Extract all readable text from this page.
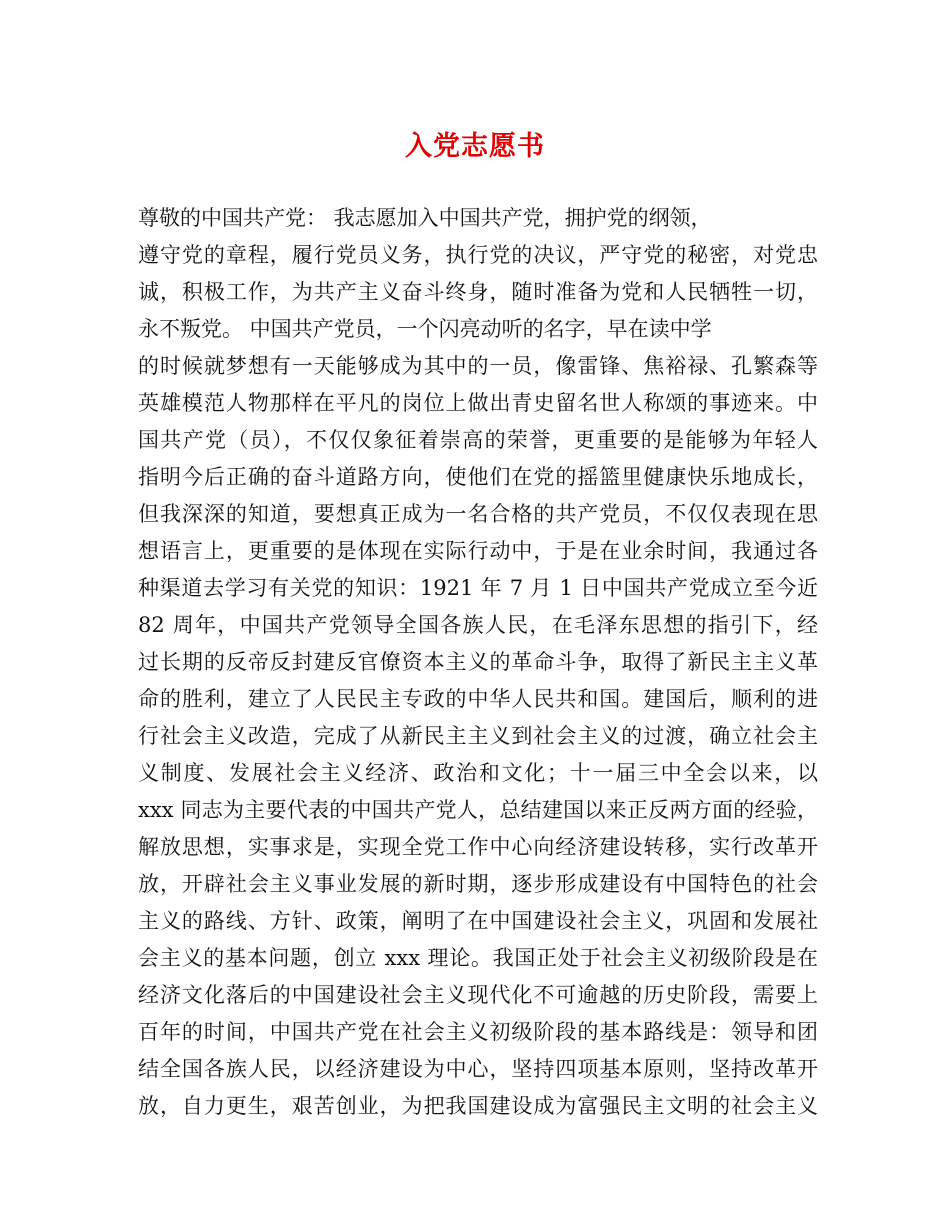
入党志愿书
尊敬的中国共产党： 我志愿加入中国共产党，拥护党的纲领，
遵守党的章程，履行党员义务，执行党的决议，严守党的秘密，对党忠
诚，积极工作，为共产主义奋斗终身，随时准备为党和人民牺牲一切，
永不叛党。 中国共产党员，一个闪亮动听的名字，早在读中学
的时候就梦想有一天能够成为其中的一员，像雷锋、焦裕禄、孔繁森等
英雄模范人物那样在平凡的岗位上做出青史留名世人称颂的事迹来。中
国共产党（员），不仅仅象征着崇高的荣誉，更重要的是能够为年轻人
指明今后正确的奋斗道路方向，使他们在党的摇篮里健康快乐地成长，
但我深深的知道，要想真正成为一名合格的共产党员，不仅仅表现在思
想语言上，更重要的是体现在实际行动中，于是在业余时间，我通过各
种渠道去学习有关党的知识：1921 年 7 月 1 日中国共产党成立至今近
82 周年，中国共产党领导全国各族人民，在毛泽东思想的指引下，经
过长期的反帝反封建反官僚资本主义的革命斗争，取得了新民主主义革
命的胜利，建立了人民民主专政的中华人民共和国。建国后，顺利的进
行社会主义改造，完成了从新民主主义到社会主义的过渡，确立社会主
义制度、发展社会主义经济、政治和文化；十一届三中全会以来，以
xxx 同志为主要代表的中国共产党人，总结建国以来正反两方面的经验，
解放思想，实事求是，实现全党工作中心向经济建设转移，实行改革开
放，开辟社会主义事业发展的新时期，逐步形成建设有中国特色的社会
主义的路线、方针、政策，阐明了在中国建设社会主义，巩固和发展社
会主义的基本问题，创立 xxx 理论。我国正处于社会主义初级阶段是在
经济文化落后的中国建设社会主义现代化不可逾越的历史阶段，需要上
百年的时间，中国共产党在社会主义初级阶段的基本路线是：领导和团
结全国各族人民，以经济建设为中心，坚持四项基本原则，坚持改革开
放，自力更生，艰苦创业，为把我国建设成为富强民主文明的社会主义
